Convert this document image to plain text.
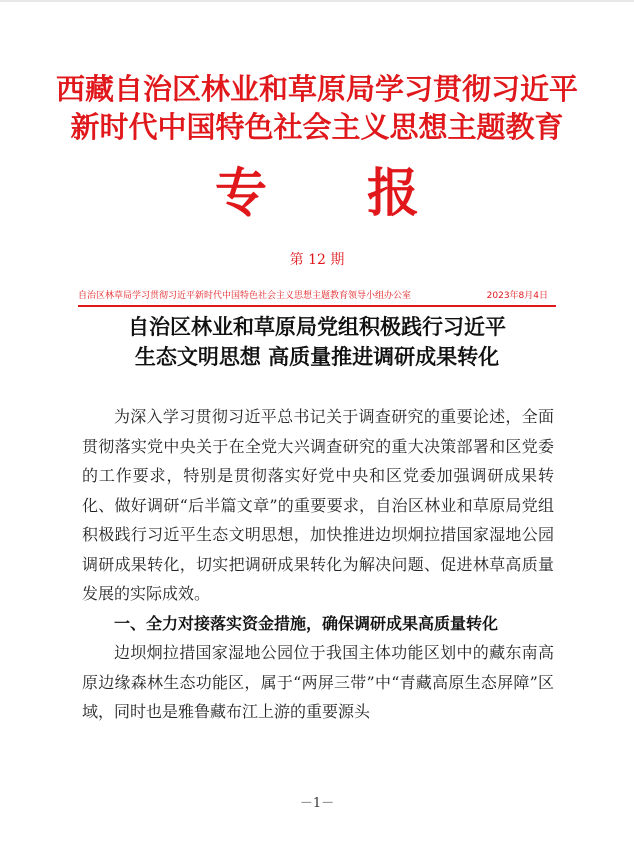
西藏自治区林业和草原局学习贯彻习近平
新时代中国特色社会主义思想主题教育
专 报
第 12 期
自治区林草局学习贯彻习近平新时代中国特色社会主义思想主题教育领导小组办公室	2023年8月4日
自治区林业和草原局党组积极践行习近平
生态文明思想 高质量推进调研成果转化

为深入学习贯彻习近平总书记关于调查研究的重要论述，全面贯彻落实党中央关于在全党大兴调查研究的重大决策部署和区党委的工作要求，特别是贯彻落实好党中央和区党委加强调研成果转化、做好调研“后半篇文章”的重要要求，自治区林业和草原局党组积极践行习近平生态文明思想，加快推进边坝炯拉措国家湿地公园调研成果转化，切实把调研成果转化为解决问题、促进林草高质量发展的实际成效。

一、全力对接落实资金措施，确保调研成果高质量转化

边坝炯拉措国家湿地公园位于我国主体功能区划中的藏东南高原边缘森林生态功能区，属于“两屏三带”中“青藏高原生态屏障”区域，同时也是雅鲁藏布江上游的重要源头

－1－
